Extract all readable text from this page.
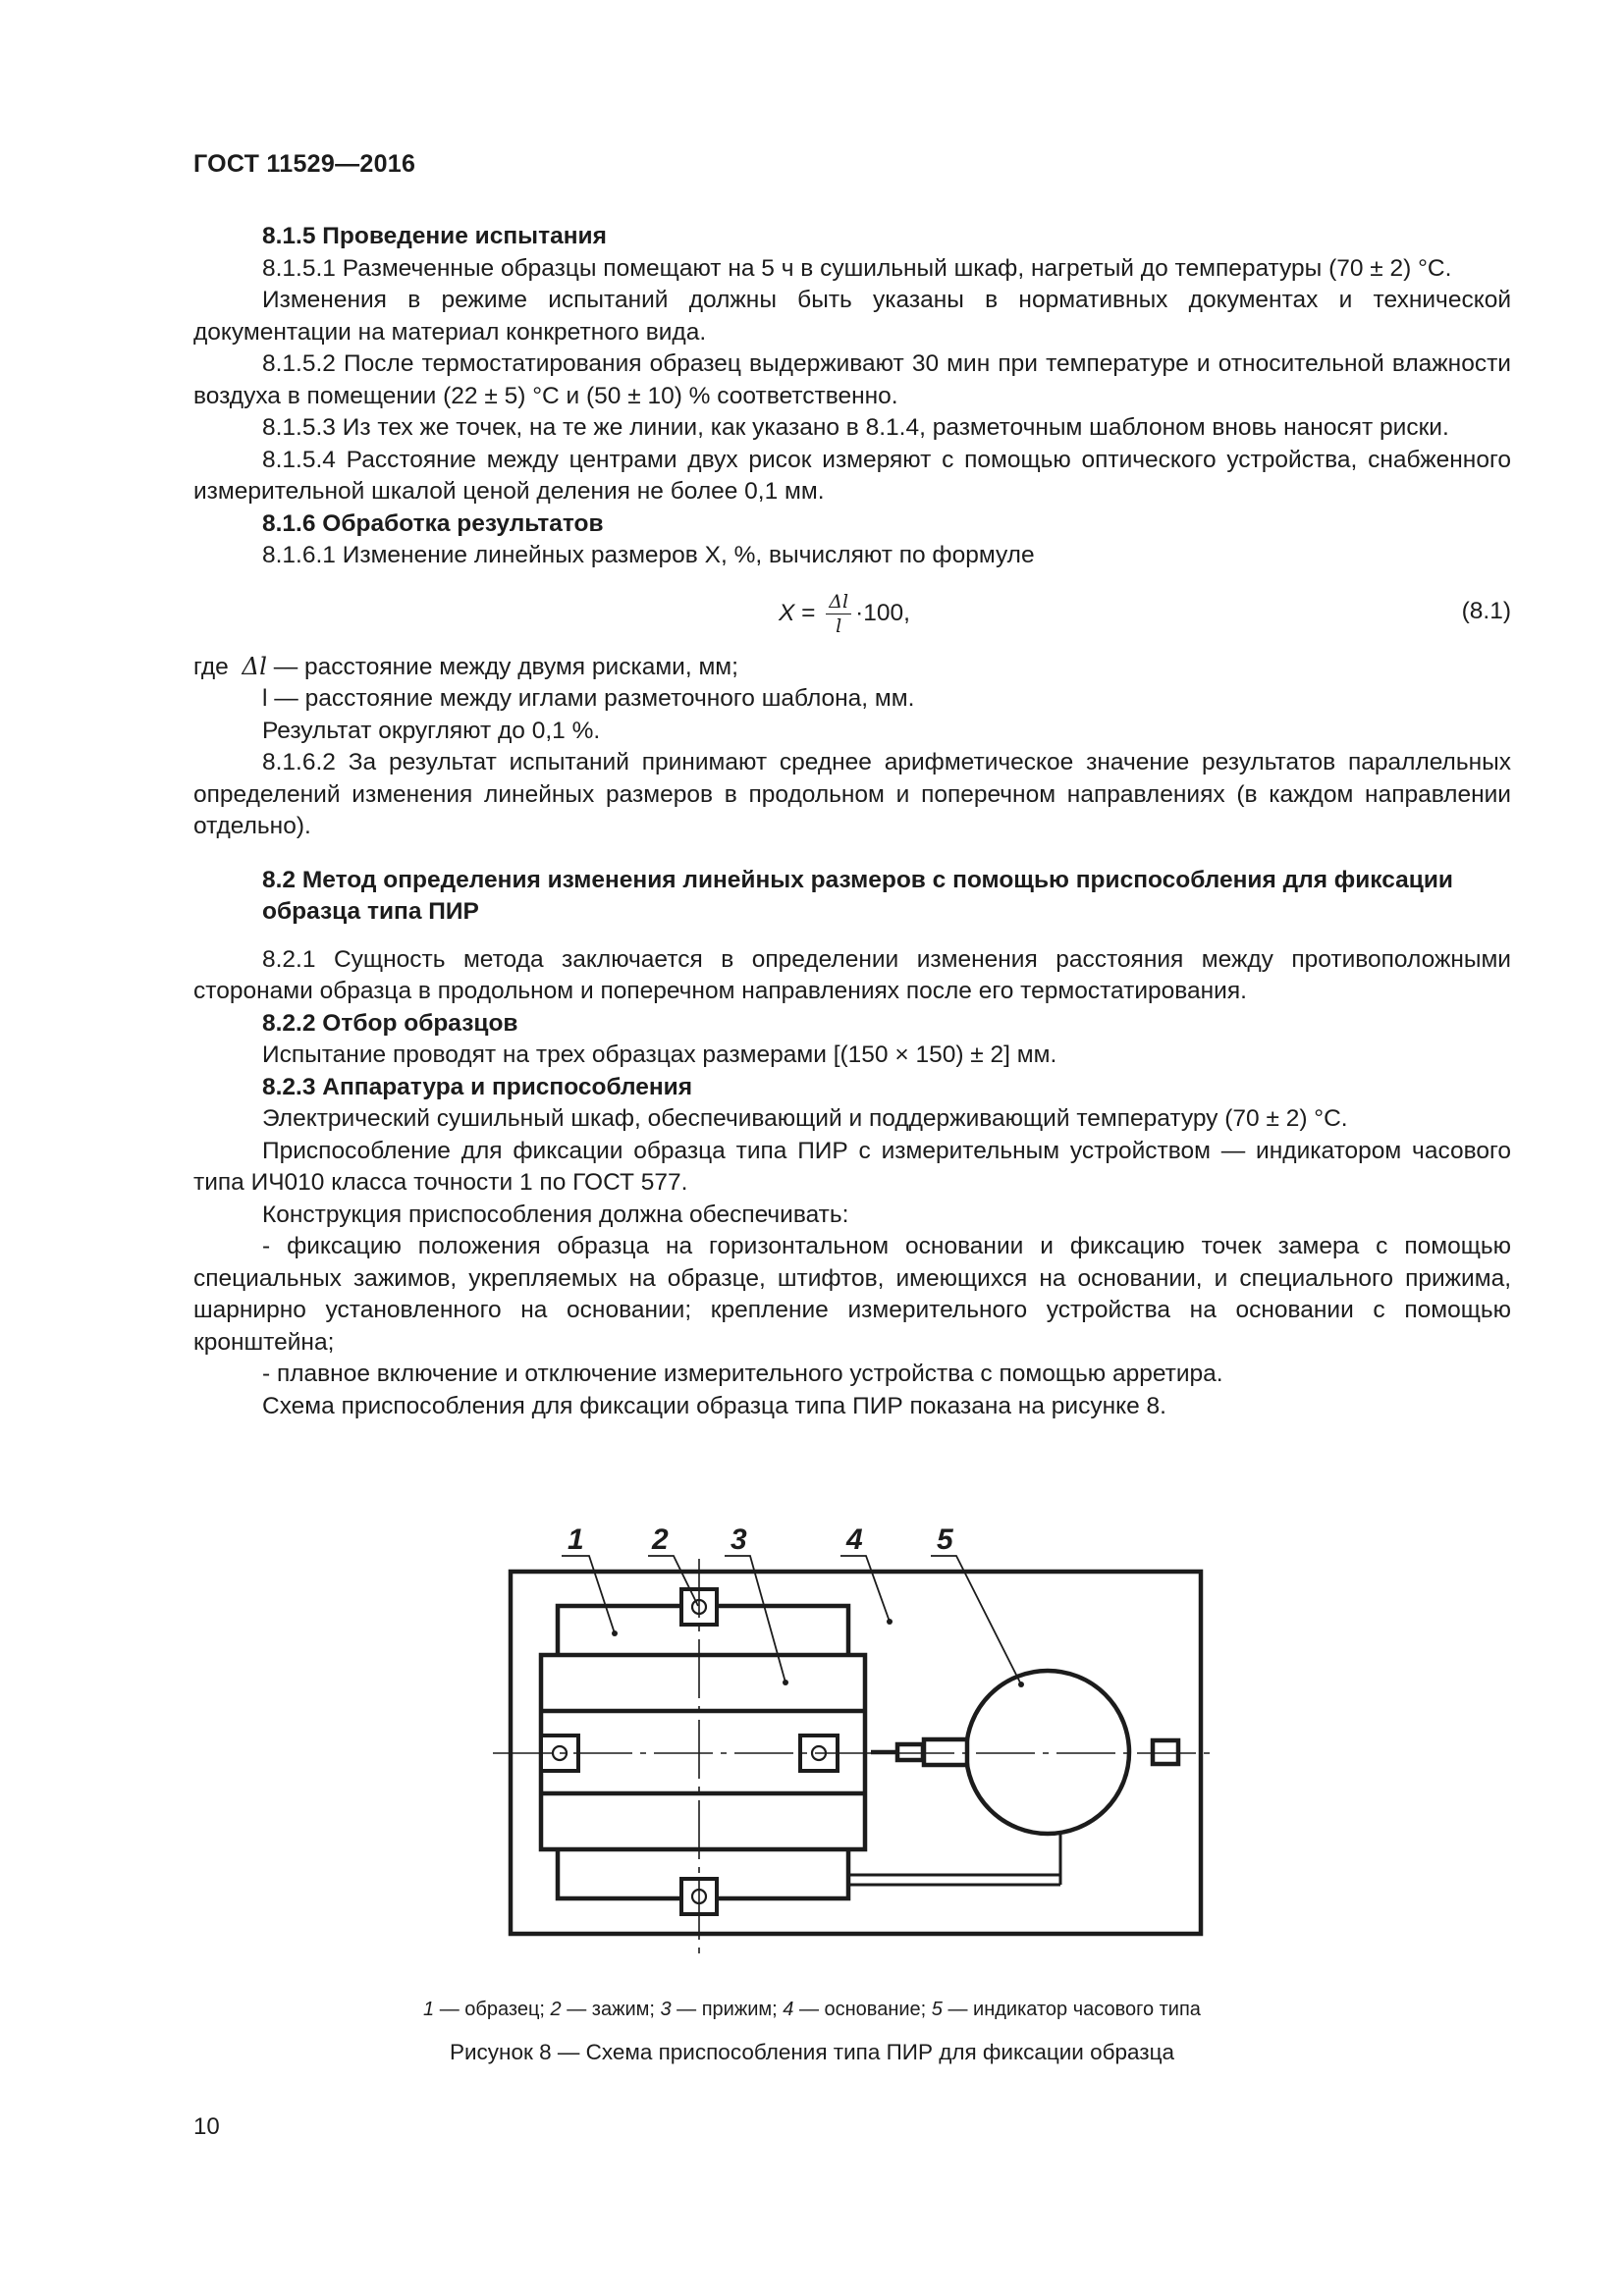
ГОСТ 11529—2016

8.1.5 Проведение испытания

8.1.5.1 Размеченные образцы помещают на 5 ч в сушильный шкаф, нагретый до температуры (70 ± 2) °С.

Изменения в режиме испытаний должны быть указаны в нормативных документах и технической документации на материал конкретного вида.

8.1.5.2 После термостатирования образец выдерживают 30 мин при температуре и относительной влажности воздуха в помещении (22 ± 5) °С и (50 ± 10) % соответственно.

8.1.5.3 Из тех же точек, на те же линии, как указано в 8.1.4, разметочным шаблоном вновь наносят риски.

8.1.5.4 Расстояние между центрами двух рисок измеряют с помощью оптического устройства, снабженного измерительной шкалой ценой деления не более 0,1 мм.

8.1.6 Обработка результатов

8.1.6.1 Изменение линейных размеров X, %, вычисляют по формуле

$X = \frac{\Delta l}{l} \cdot 100$,	(8.1)

где Δl — расстояние между двумя рисками, мм;

l — расстояние между иглами разметочного шаблона, мм.

Результат округляют до 0,1 %.

8.1.6.2 За результат испытаний принимают среднее арифметическое значение результатов параллельных определений изменения линейных размеров в продольном и поперечном направлениях (в каждом направлении отдельно).

8.2 Метод определения изменения линейных размеров с помощью приспособления для фиксации образца типа ПИР

8.2.1 Сущность метода заключается в определении изменения расстояния между противоположными сторонами образца в продольном и поперечном направлениях после его термостатирования.

8.2.2 Отбор образцов

Испытание проводят на трех образцах размерами [(150 × 150) ± 2] мм.

8.2.3 Аппаратура и приспособления

Электрический сушильный шкаф, обеспечивающий и поддерживающий температуру (70 ± 2) °С.

Приспособление для фиксации образца типа ПИР с измерительным устройством — индикатором часового типа ИЧ010 класса точности 1 по ГОСТ 577.

Конструкция приспособления должна обеспечивать:

- фиксацию положения образца на горизонтальном основании и фиксацию точек замера с помощью специальных зажимов, укрепляемых на образце, штифтов, имеющихся на основании, и специального прижима, шарнирно установленного на основании; крепление измерительного устройства на основании с помощью кронштейна;

- плавное включение и отключение измерительного устройства с помощью арретира.

Схема приспособления для фиксации образца типа ПИР показана на рисунке 8.

1 2 3	4	5
1 — образец; 2 — зажим; 3 — прижим; 4 — основание; 5 — индикатор часового типа
Рисунок 8 — Схема приспособления типа ПИР для фиксации образца
10
